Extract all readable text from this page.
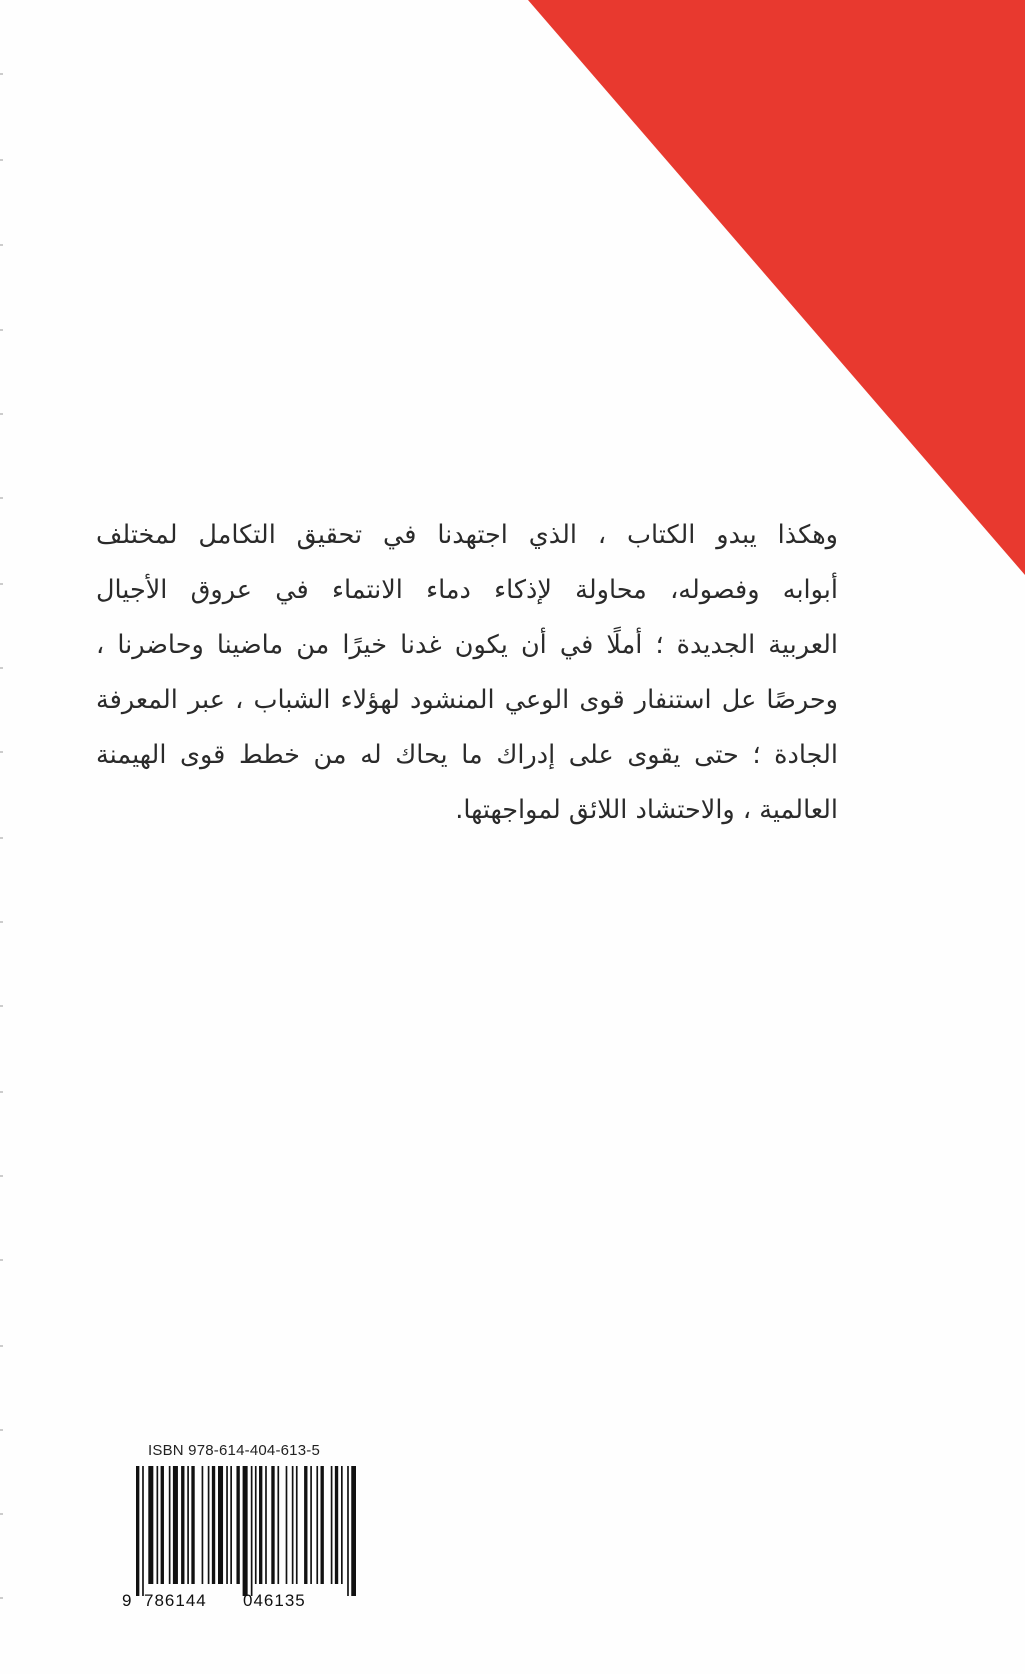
وهكذا يبدو الكتاب ، الذي اجتهدنا في تحقيق التكامل لمختلف
أبوابه وفصوله، محاولة لإذكاء دماء الانتماء في عروق الأجيال
العربية الجديدة ؛ أملًا في أن يكون غدنا خيرًا من ماضينا وحاضرنا ،
وحرصًا عل استنفار قوى الوعي المنشود لهؤلاء الشباب ، عبر المعرفة
الجادة ؛ حتى يقوى على إدراك ما يحاك له من خطط قوى الهيمنة
العالمية ، والاحتشاد اللائق لمواجهتها.
ISBN 978-614-404-613-5
9 786144 046135
